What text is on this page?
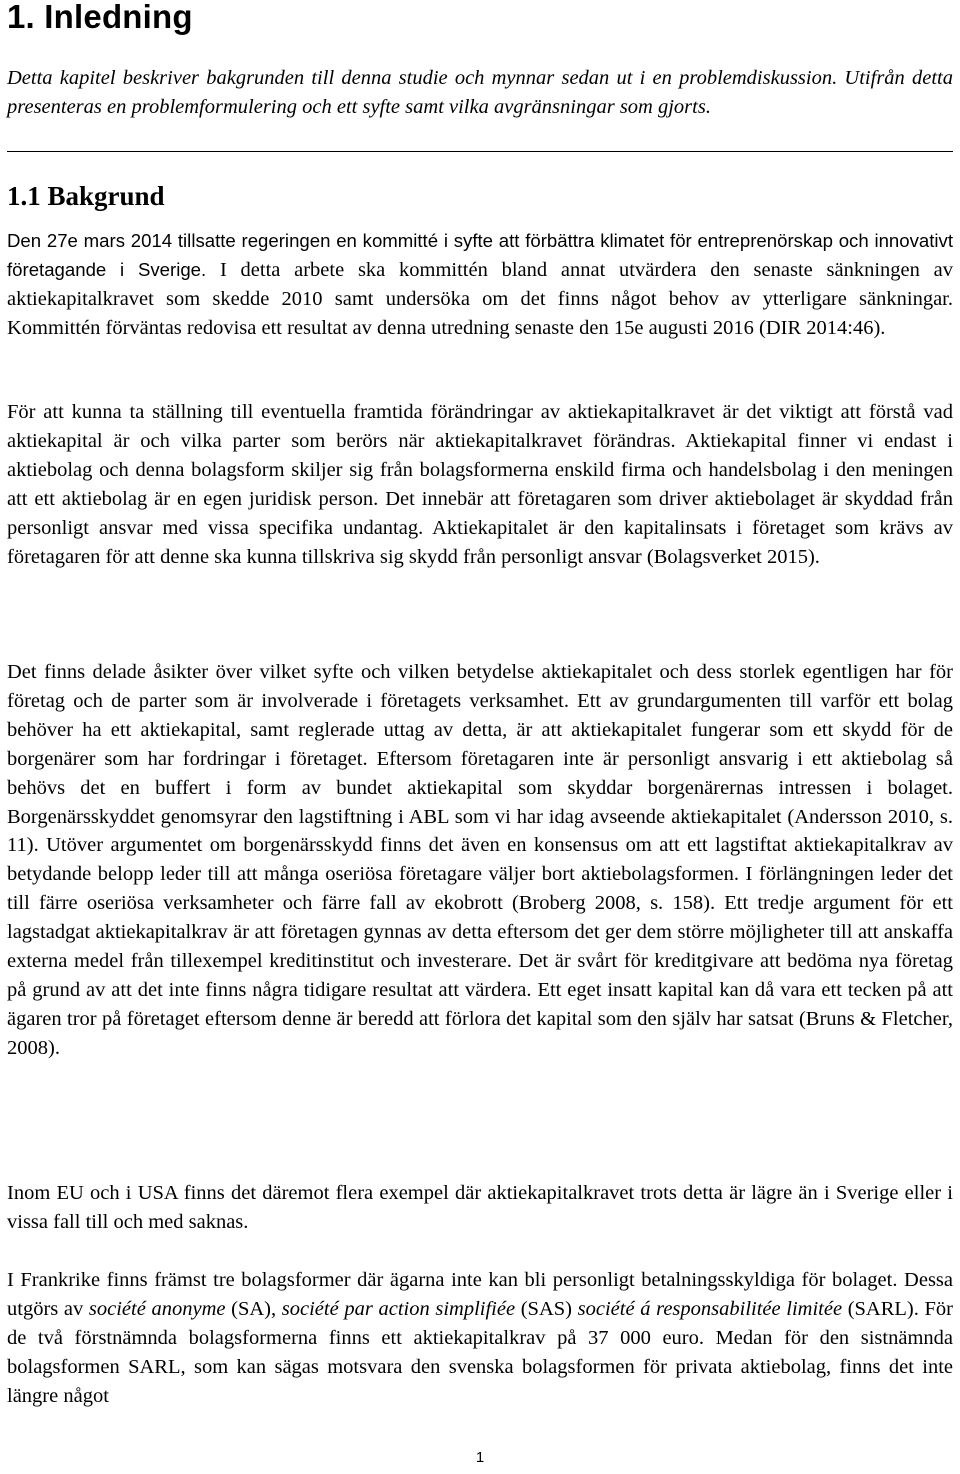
1. Inledning

Detta kapitel beskriver bakgrunden till denna studie och mynnar sedan ut i en problemdiskussion. Utifrån detta presenteras en problemformulering och ett syfte samt vilka avgränsningar som gjorts.

1.1 Bakgrund

Den 27e mars 2014 tillsatte regeringen en kommitté i syfte att förbättra klimatet för entreprenörskap och innovativt företagande i Sverige. I detta arbete ska kommittén bland annat utvärdera den senaste sänkningen av aktiekapitalkravet som skedde 2010 samt undersöka om det finns något behov av ytterligare sänkningar. Kommittén förväntas redovisa ett resultat av denna utredning senaste den 15e augusti 2016 (DIR 2014:46).

För att kunna ta ställning till eventuella framtida förändringar av aktiekapitalkravet är det viktigt att förstå vad aktiekapital är och vilka parter som berörs när aktiekapitalkravet förändras. Aktiekapital finner vi endast i aktiebolag och denna bolagsform skiljer sig från bolagsformerna enskild firma och handelsbolag i den meningen att ett aktiebolag är en egen juridisk person. Det innebär att företagaren som driver aktiebolaget är skyddad från personligt ansvar med vissa specifika undantag. Aktiekapitalet är den kapitalinsats i företaget som krävs av företagaren för att denne ska kunna tillskriva sig skydd från personligt ansvar (Bolagsverket 2015).

Det finns delade åsikter över vilket syfte och vilken betydelse aktiekapitalet och dess storlek egentligen har för företag och de parter som är involverade i företagets verksamhet. Ett av grundargumenten till varför ett bolag behöver ha ett aktiekapital, samt reglerade uttag av detta, är att aktiekapitalet fungerar som ett skydd för de borgenärer som har fordringar i företaget. Eftersom företagaren inte är personligt ansvarig i ett aktiebolag så behövs det en buffert i form av bundet aktiekapital som skyddar borgenärernas intressen i bolaget. Borgenärsskyddet genomsyrar den lagstiftning i ABL som vi har idag avseende aktiekapitalet (Andersson 2010, s. 11). Utöver argumentet om borgenärsskydd finns det även en konsensus om att ett lagstiftat aktiekapitalkrav av betydande belopp leder till att många oseriösa företagare väljer bort aktiebolagsformen. I förlängningen leder det till färre oseriösa verksamheter och färre fall av ekobrott (Broberg 2008, s. 158). Ett tredje argument för ett lagstadgat aktiekapitalkrav är att företagen gynnas av detta eftersom det ger dem större möjligheter till att anskaffa externa medel från tillexempel kreditinstitut och investerare. Det är svårt för kreditgivare att bedöma nya företag på grund av att det inte finns några tidigare resultat att värdera. Ett eget insatt kapital kan då vara ett tecken på att ägaren tror på företaget eftersom denne är beredd att förlora det kapital som den själv har satsat (Bruns & Fletcher, 2008).

Inom EU och i USA finns det däremot flera exempel där aktiekapitalkravet trots detta är lägre än i Sverige eller i vissa fall till och med saknas.

I Frankrike finns främst tre bolagsformer där ägarna inte kan bli personligt betalningsskyldiga för bolaget. Dessa utgörs av société anonyme (SA), société par action simplifiée (SAS) société á responsabilitée limitée (SARL). För de två förstnämnda bolagsformerna finns ett aktiekapitalkrav på 37 000 euro. Medan för den sistnämnda bolagsformen SARL, som kan sägas motsvara den svenska bolagsformen för privata aktiebolag, finns det inte längre något

1
